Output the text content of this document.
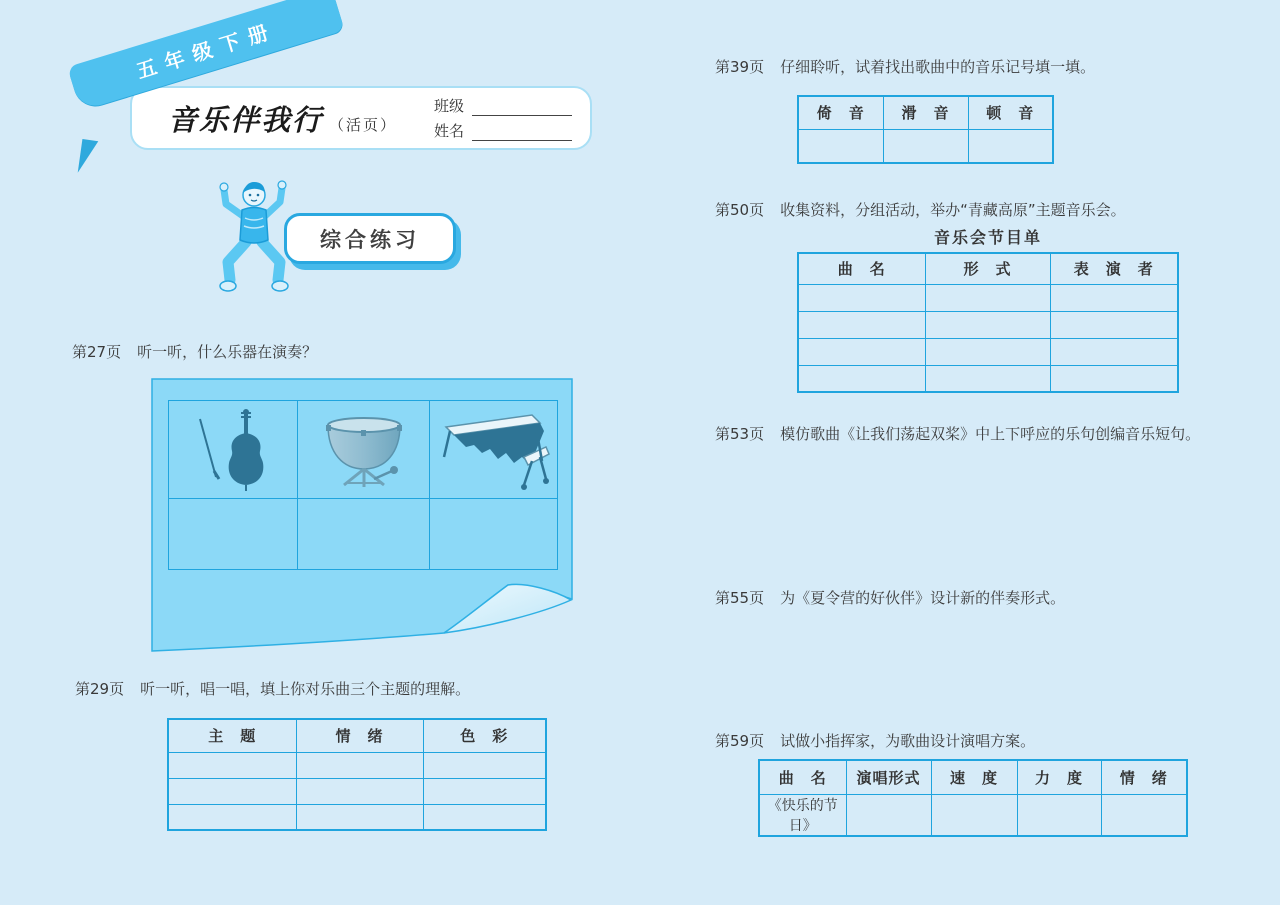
音乐伴我行 （活页）
班级
姓名
五年级下册
综合练习
第27页 听一听，什么乐器在演奏？

第29页 听一听，唱一唱，填上你对乐曲三个主题的理解。
主　题	情　绪	色　彩

第39页 仔细聆听，试着找出歌曲中的音乐记号填一填。
倚　音	滑　音	顿　音

第50页 收集资料，分组活动，举办“青藏高原”主题音乐会。
音乐会节目单
曲　名	形　式	表　演　者

第53页 模仿歌曲《让我们荡起双桨》中上下呼应的乐句创编音乐短句。
第55页 为《夏令营的好伙伴》设计新的伴奏形式。
第59页 试做小指挥家，为歌曲设计演唱方案。
曲　名	演唱形式	速　度	力　度	情　绪
《快乐的节日》				
